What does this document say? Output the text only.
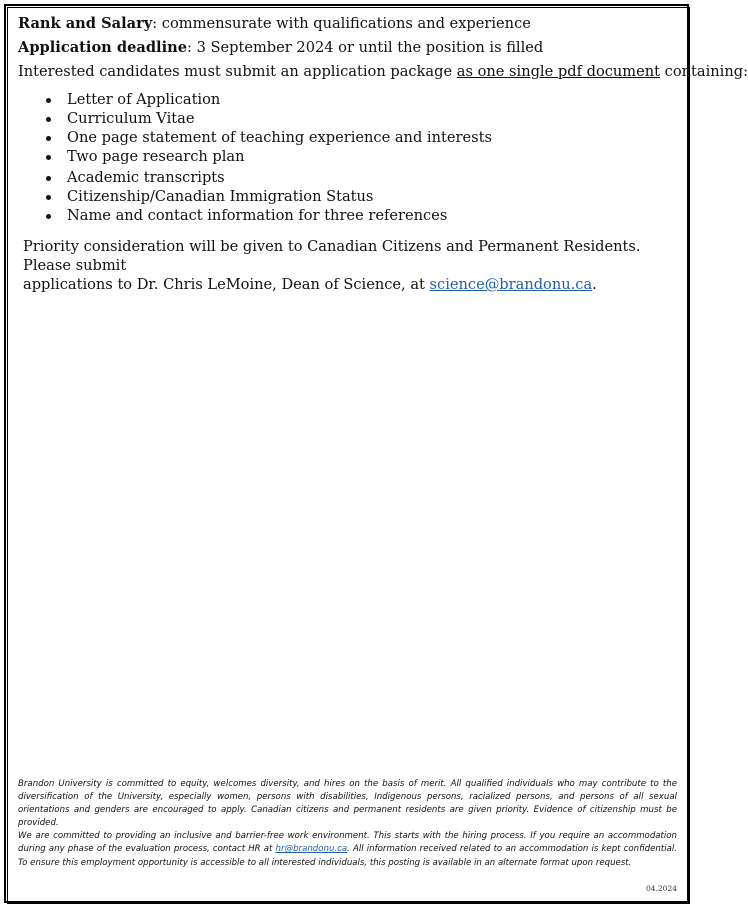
Rank and Salary: commensurate with qualifications and experience

Application deadline: 3 September 2024 or until the position is filled

Interested candidates must submit an application package as one single pdf document containing:

Letter of Application
Curriculum Vitae
One page statement of teaching experience and interests
Two page research plan
Academic transcripts
Citizenship/Canadian Immigration Status
Name and contact information for three references
Priority consideration will be given to Canadian Citizens and Permanent Residents. Please submit
applications to Dr. Chris LeMoine, Dean of Science, at science@brandonu.ca.

Brandon University is committed to equity, welcomes diversity, and hires on the basis of merit. All qualified individuals who may contribute to the diversification of the University, especially women, persons with disabilities, Indigenous persons, racialized persons, and persons of all sexual orientations and genders are encouraged to apply. Canadian citizens and permanent residents are given priority. Evidence of citizenship must be provided.

We are committed to providing an inclusive and barrier-free work environment. This starts with the hiring process. If you require an accommodation during any phase of the evaluation process, contact HR at hr@brandonu.ca. All information received related to an accommodation is kept confidential. To ensure this employment opportunity is accessible to all interested individuals, this posting is available in an alternate format upon request.

04.2024
